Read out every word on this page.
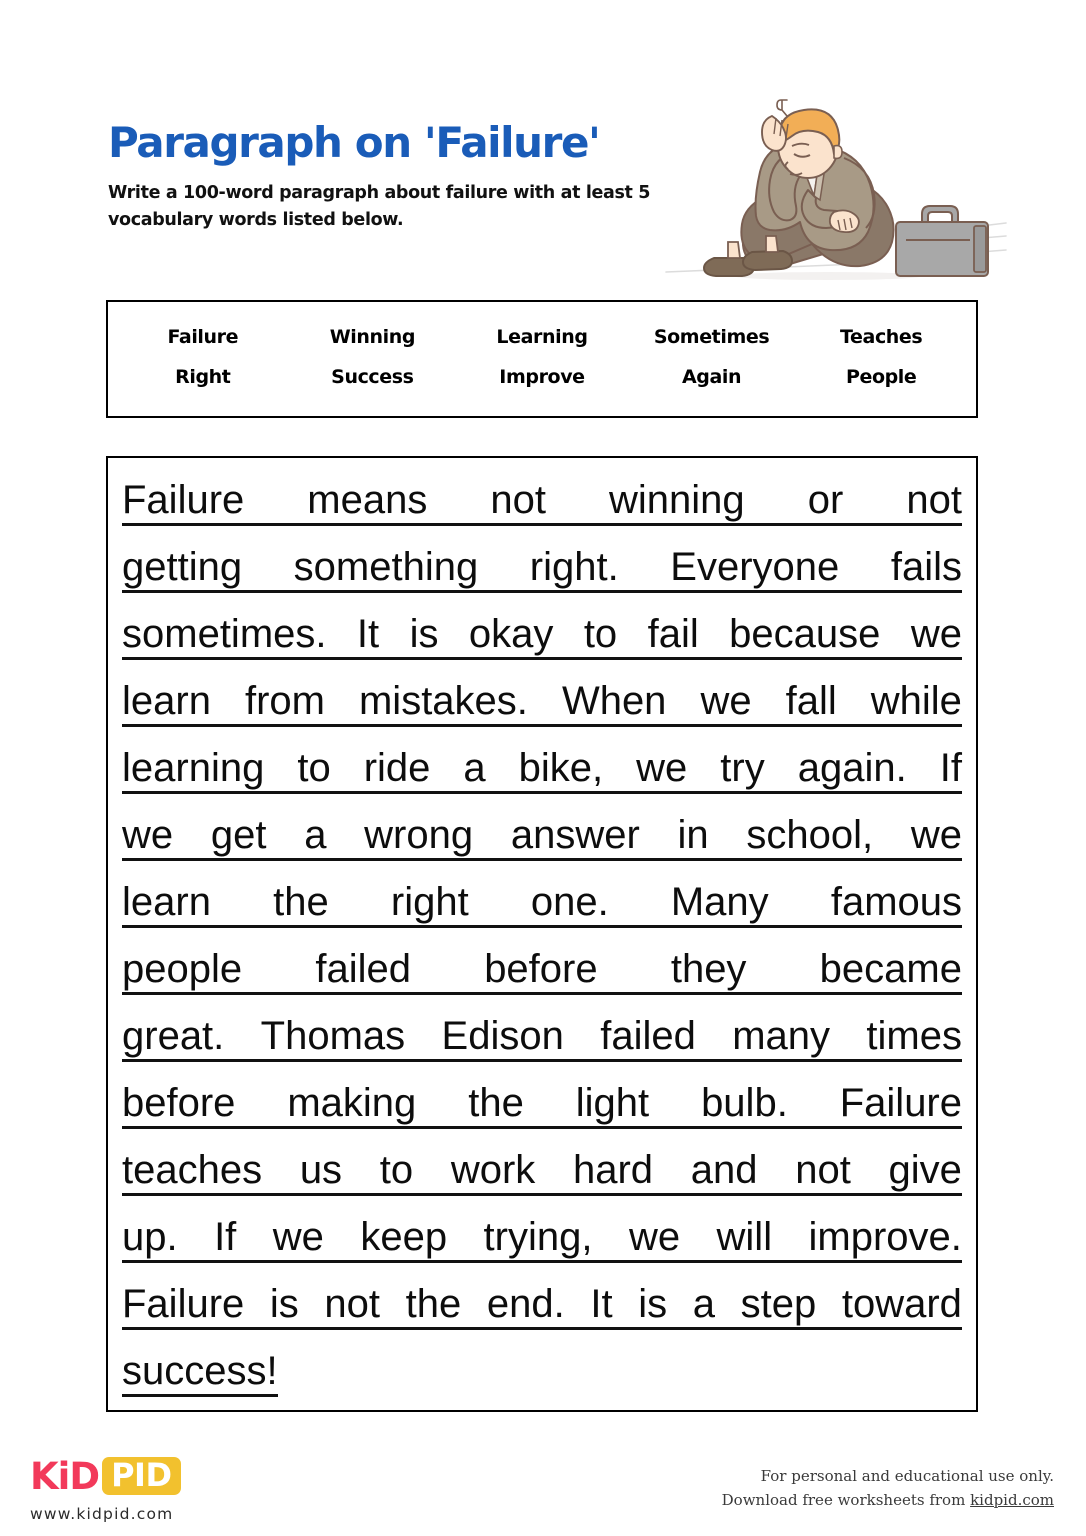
Paragraph on 'Failure'
Write a 100-word paragraph about failure with at least 5 vocabulary words listed below.
Failure	Winning	Learning	Sometimes	Teaches
Right	Success	Improve	Again	People
Failure means not winning or not
getting something right. Everyone fails
sometimes. It is okay to fail because we
learn from mistakes. When we fall while
learning to ride a bike, we try again. If
we get a wrong answer in school, we
learn the right one. Many famous
people failed before they became
great. Thomas Edison failed many times
before making the light bulb. Failure
teaches us to work hard and not give
up. If we keep trying, we will improve.
Failure is not the end. It is a step toward
success!
KiD PID
www.kidpid.com
For personal and educational use only.
Download free worksheets from kidpid.com
